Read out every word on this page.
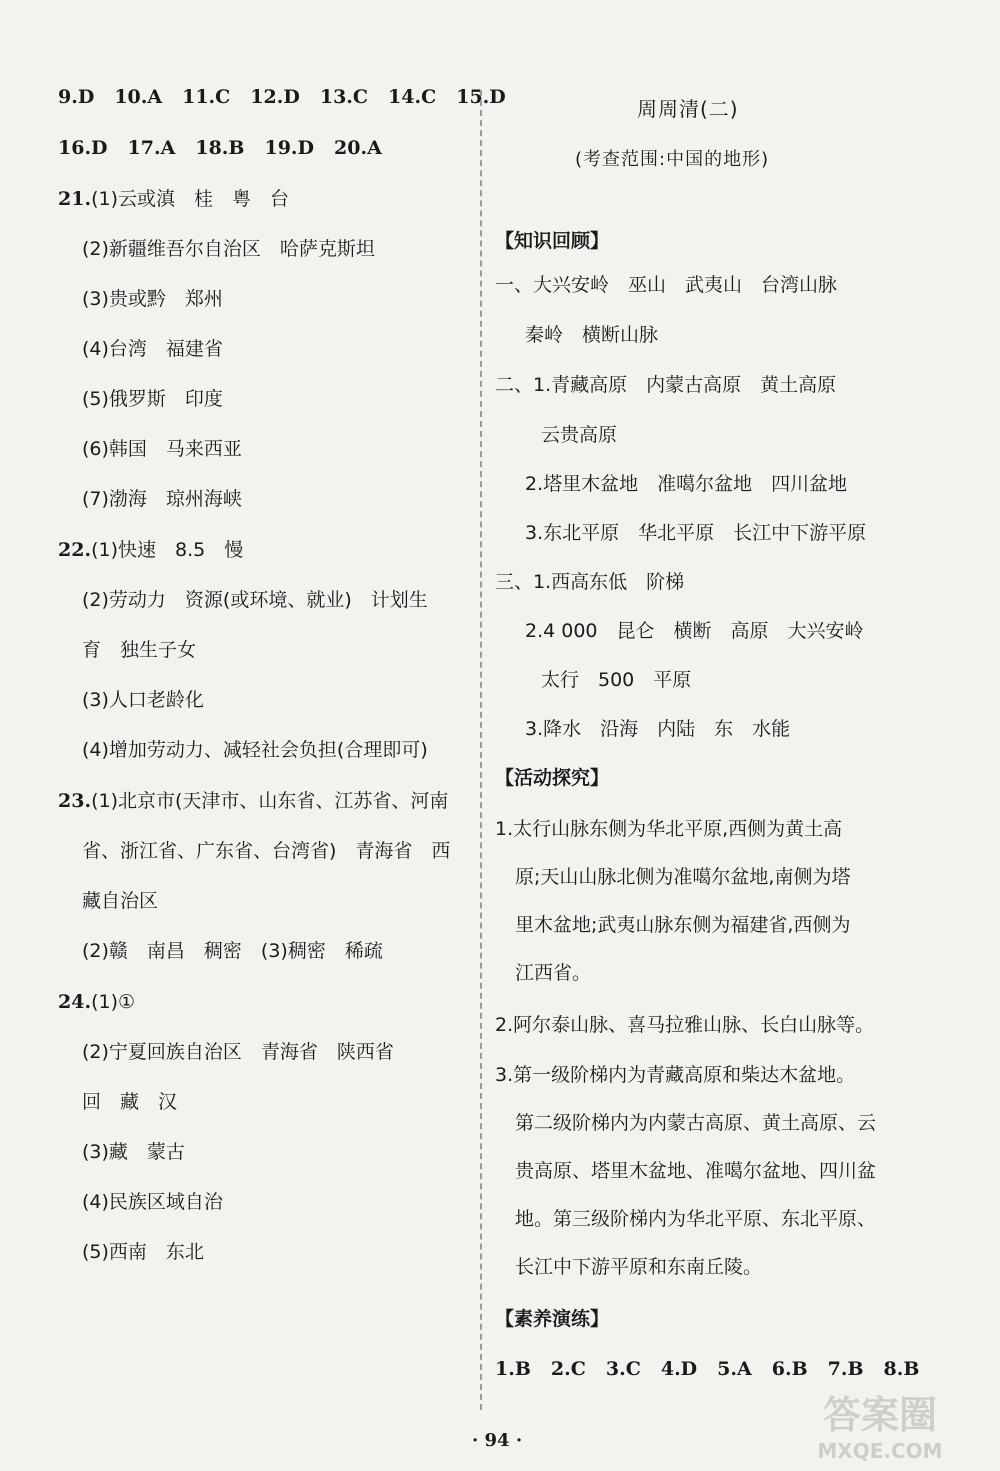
9.D 10.A 11.C 12.D 13.C 14.C 15.D
16.D 17.A 18.B 19.D 20.A
21.(1)云或滇　桂　粤　台
(2)新疆维吾尔自治区　哈萨克斯坦
(3)贵或黔　郑州
(4)台湾　福建省
(5)俄罗斯　印度
(6)韩国　马来西亚
(7)渤海　琼州海峡
22.(1)快速　8.5　慢
(2)劳动力　资源(或环境、就业)　计划生
育　独生子女
(3)人口老龄化
(4)增加劳动力、减轻社会负担(合理即可)
23.(1)北京市(天津市、山东省、江苏省、河南
省、浙江省、广东省、台湾省)　青海省　西
藏自治区
(2)赣　南昌　稠密　(3)稠密　稀疏
24.(1)①
(2)宁夏回族自治区　青海省　陕西省
回　藏　汉
(3)藏　蒙古
(4)民族区域自治
(5)西南　东北
周周清(二)
(考查范围:中国的地形)
【知识回顾】
一、大兴安岭　巫山　武夷山　台湾山脉
秦岭　横断山脉
二、1.青藏高原　内蒙古高原　黄土高原
云贵高原
2.塔里木盆地　准噶尔盆地　四川盆地
3.东北平原　华北平原　长江中下游平原
三、1.西高东低　阶梯
2.4 000　昆仑　横断　高原　大兴安岭
太行　500　平原
3.降水　沿海　内陆　东　水能
【活动探究】
1.太行山脉东侧为华北平原,西侧为黄土高
原;天山山脉北侧为准噶尔盆地,南侧为塔
里木盆地;武夷山脉东侧为福建省,西侧为
江西省。
2.阿尔泰山脉、喜马拉雅山脉、长白山脉等。
3.第一级阶梯内为青藏高原和柴达木盆地。
第二级阶梯内为内蒙古高原、黄土高原、云
贵高原、塔里木盆地、准噶尔盆地、四川盆
地。第三级阶梯内为华北平原、东北平原、
长江中下游平原和东南丘陵。
【素养演练】
1.B 2.C 3.C 4.D 5.A 6.B 7.B 8.B
· 94 ·
答案圈
MXQE.COM
